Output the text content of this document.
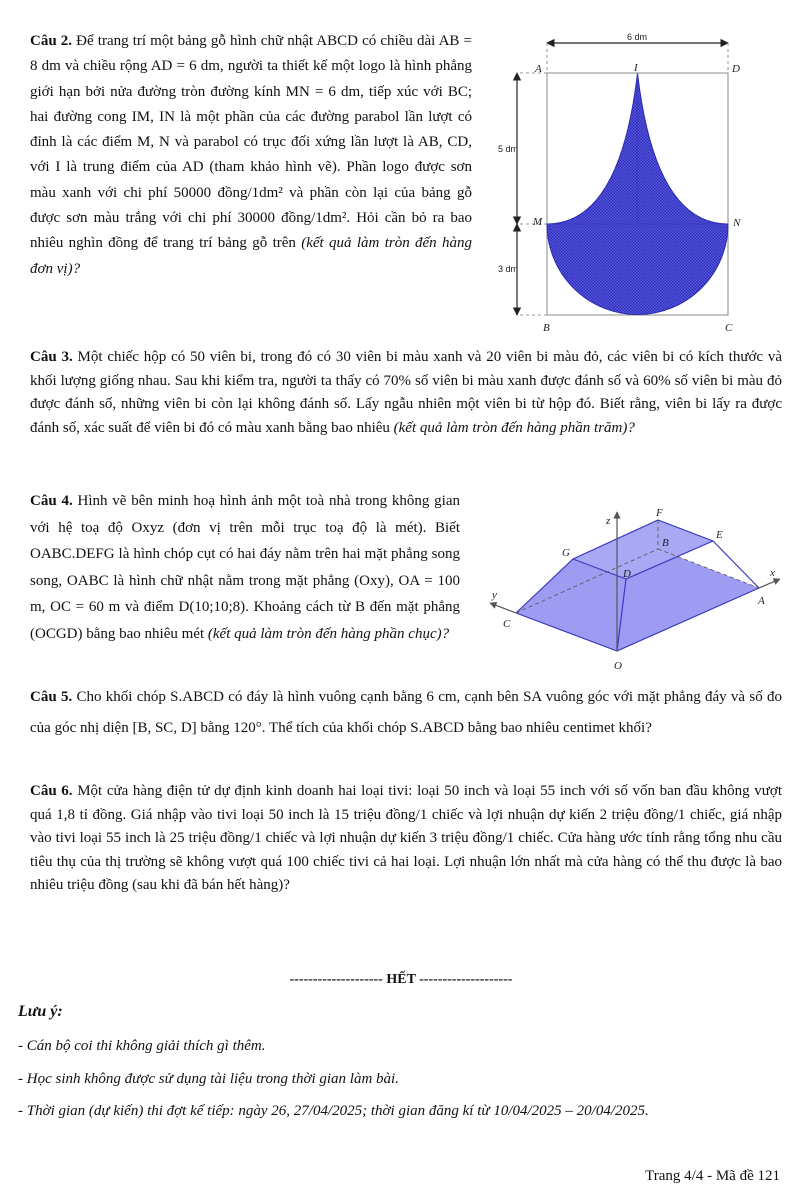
Câu 2. Để trang trí một bảng gỗ hình chữ nhật ABCD có chiều dài AB = 8 dm và chiều rộng AD = 6 dm, người ta thiết kế một logo là hình phẳng giới hạn bởi nửa đường tròn đường kính MN = 6 dm, tiếp xúc với BC; hai đường cong IM, IN là một phần của các đường parabol lần lượt có đỉnh là các điểm M, N và parabol có trục đối xứng lần lượt là AB, CD, với I là trung điểm của AD (tham khảo hình vẽ). Phần logo được sơn màu xanh với chi phí 50000 đồng/1dm² và phần còn lại của bảng gỗ được sơn màu trắng với chi phí 30000 đồng/1dm². Hỏi cần bỏ ra bao nhiêu nghìn đồng để trang trí bảng gỗ trên (kết quả làm tròn đến hàng đơn vị)?
6 dm
5 dm
3 dm
A	I	D
M	N
B	C
Câu 3. Một chiếc hộp có 50 viên bi, trong đó có 30 viên bi màu xanh và 20 viên bi màu đỏ, các viên bi có kích thước và khối lượng giống nhau. Sau khi kiểm tra, người ta thấy có 70% số viên bi màu xanh được đánh số và 60% số viên bi màu đỏ được đánh số, những viên bi còn lại không đánh số. Lấy ngẫu nhiên một viên bi từ hộp đó. Biết rằng, viên bi lấy ra được đánh số, xác suất để viên bi đó có màu xanh bằng bao nhiêu (kết quả làm tròn đến hàng phần trăm)?
Câu 4. Hình vẽ bên minh hoạ hình ảnh một toà nhà trong không gian với hệ toạ độ Oxyz (đơn vị trên mỗi trục toạ độ là mét). Biết OABC.DEFG là hình chóp cụt có hai đáy nằm trên hai mặt phẳng song song, OABC là hình chữ nhật nằm trong mặt phẳng (Oxy), OA = 100 m, OC = 60 m và điểm D(10;10;8). Khoảng cách từ B đến mặt phẳng (OCGD) bằng bao nhiêu mét (kết quả làm tròn đến hàng phần chục)?
F
E
B
G
D
A
C
O
z
x
y
Câu 5. Cho khối chóp S.ABCD có đáy là hình vuông cạnh bằng 6 cm, cạnh bên SA vuông góc với mặt phẳng đáy và số đo của góc nhị diện [B, SC, D] bằng 120°. Thể tích của khối chóp S.ABCD bằng bao nhiêu centimet khối?
Câu 6. Một cửa hàng điện tử dự định kinh doanh hai loại tivi: loại 50 inch và loại 55 inch với số vốn ban đầu không vượt quá 1,8 tỉ đồng. Giá nhập vào tivi loại 50 inch là 15 triệu đồng/1 chiếc và lợi nhuận dự kiến 2 triệu đồng/1 chiếc, giá nhập vào tivi loại 55 inch là 25 triệu đồng/1 chiếc và lợi nhuận dự kiến 3 triệu đồng/1 chiếc. Cửa hàng ước tính rằng tổng nhu cầu tiêu thụ của thị trường sẽ không vượt quá 100 chiếc tivi cả hai loại. Lợi nhuận lớn nhất mà cửa hàng có thể thu được là bao nhiêu triệu đồng (sau khi đã bán hết hàng)?
-------------------- HẾT --------------------
Lưu ý:
- Cán bộ coi thi không giải thích gì thêm.
- Học sinh không được sử dụng tài liệu trong thời gian làm bài.
- Thời gian (dự kiến) thi đợt kế tiếp: ngày 26, 27/04/2025; thời gian đăng kí từ 10/04/2025 – 20/04/2025.
Trang 4/4 - Mã đề 121
